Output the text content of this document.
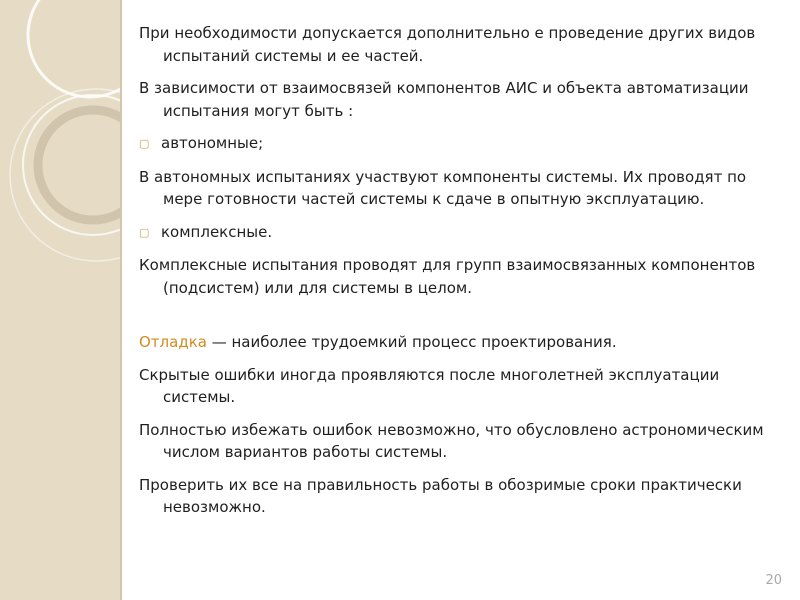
При необходимости допускается дополнительно е проведение других видов испытаний системы и ее частей.

В зависимости от взаимосвязей компонентов АИС и объекта автоматизации испытания могут быть :

▢ автономные;

В автономных испытаниях участвуют компоненты системы. Их проводят по мере готовности частей системы к сдаче в опытную эксплуатацию.

▢ комплексные.

Комплексные испытания проводят для групп взаимосвязанных компонентов (подсистем) или для системы в целом.

Отладка — наиболее трудоемкий процесс проектирования.

Скрытые ошибки иногда проявляются после многолетней эксплуатации системы.

Полностью избежать ошибок невозможно, что обусловлено астрономическим числом вариантов работы системы.

Проверить их все на правильность работы в обозримые сроки практически невозможно.

20
